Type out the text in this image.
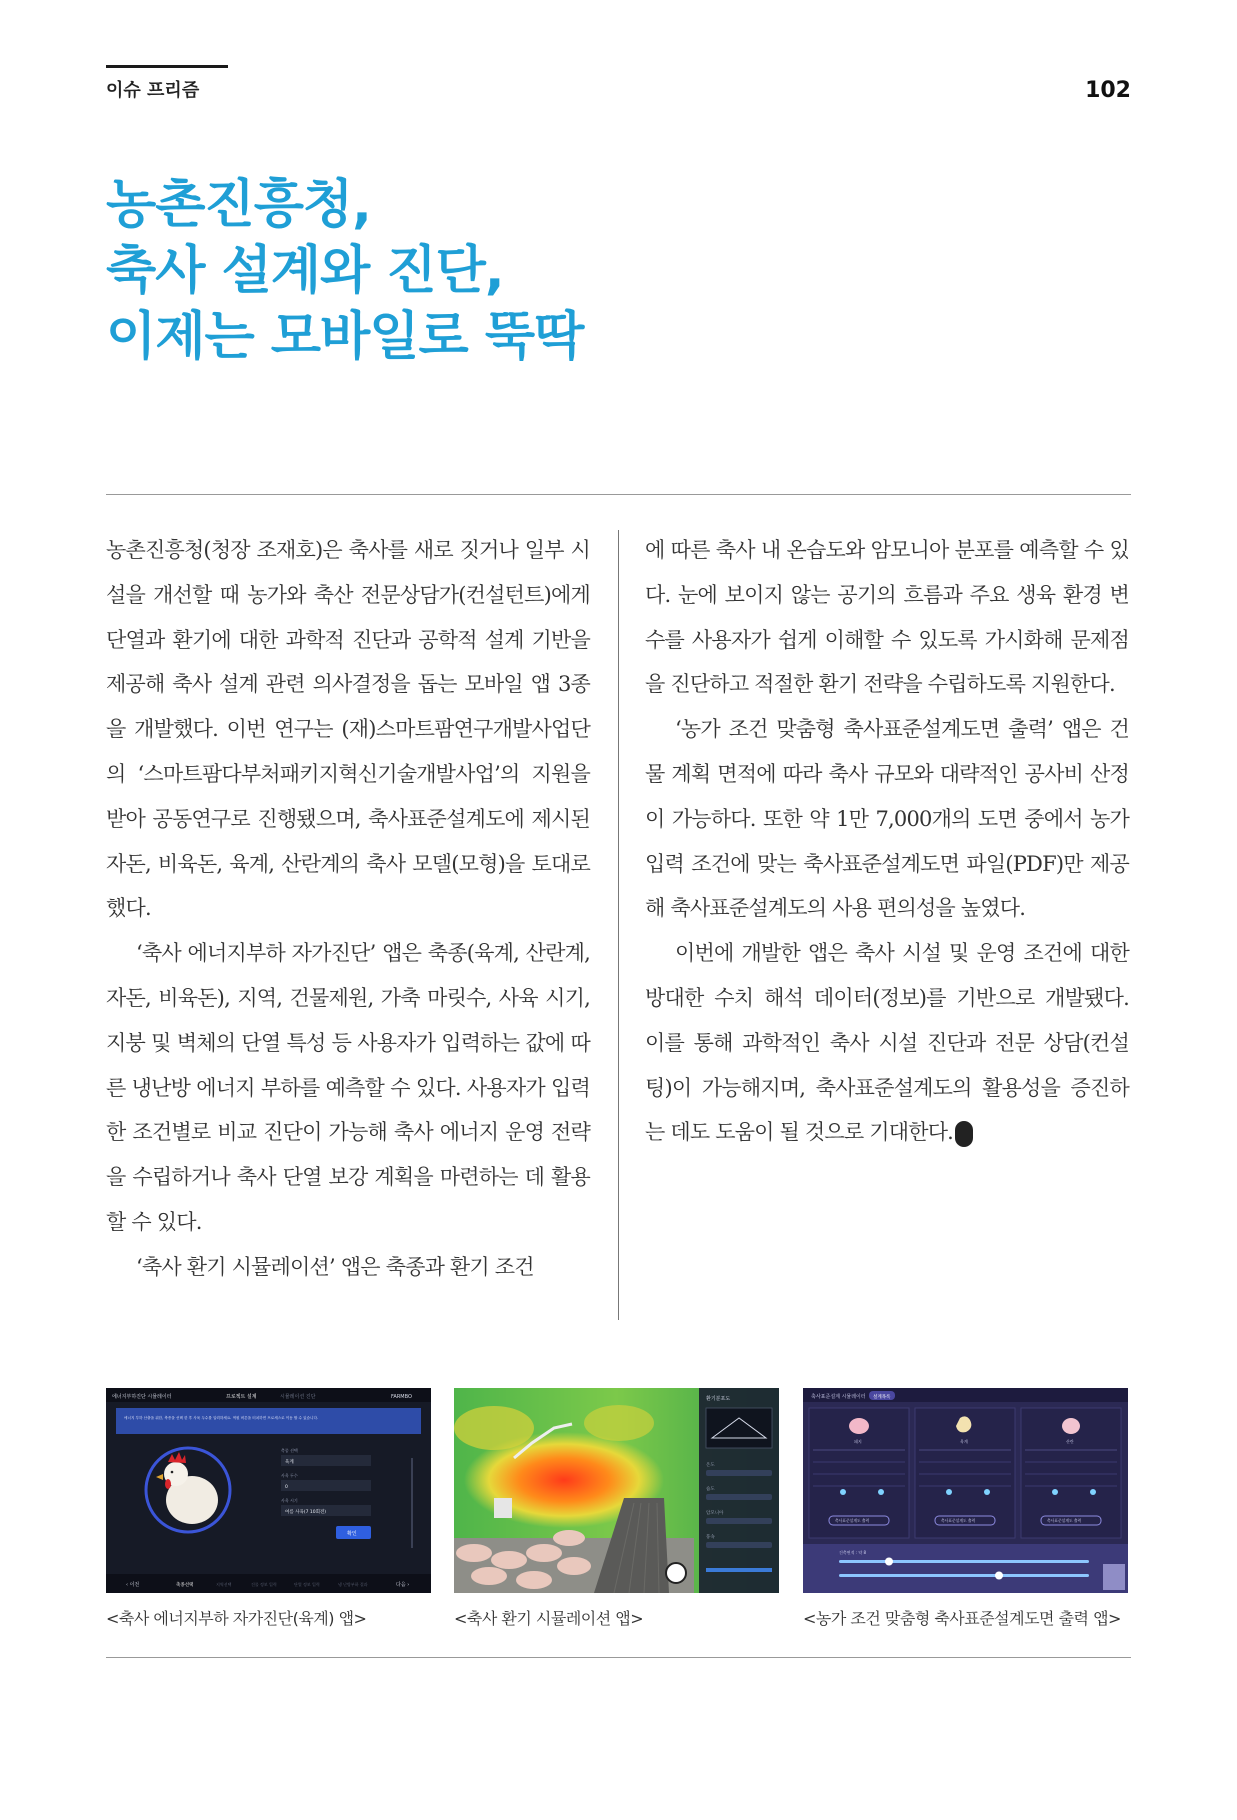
이슈 프리즘	102
농촌진흥청,
축사 설계와 진단,
이제는 모바일로 뚝딱

농촌진흥청(청장 조재호)은 축사를 새로 짓거나 일부 시설을 개선할 때 농가와 축산 전문상담가(컨설턴트)에게 단열과 환기에 대한 과학적 진단과 공학적 설계 기반을 제공해 축사 설계 관련 의사결정을 돕는 모바일 앱 3종을 개발했다. 이번 연구는 (재)스마트팜연구개발사업단의 ‘스마트팜다부처패키지혁신기술개발사업’의 지원을 받아 공동연구로 진행됐으며, 축사표준설계도에 제시된 자돈, 비육돈, 육계, 산란계의 축사 모델(모형)을 토대로 했다.

‘축사 에너지부하 자가진단’ 앱은 축종(육계, 산란계, 자돈, 비육돈), 지역, 건물제원, 가축 마릿수, 사육 시기, 지붕 및 벽체의 단열 특성 등 사용자가 입력하는 값에 따른 냉난방 에너지 부하를 예측할 수 있다. 사용자가 입력한 조건별로 비교 진단이 가능해 축사 에너지 운영 전략을 수립하거나 축사 단열 보강 계획을 마련하는 데 활용할 수 있다.

‘축사 환기 시뮬레이션’ 앱은 축종과 환기 조건

에 따른 축사 내 온습도와 암모니아 분포를 예측할 수 있다. 눈에 보이지 않는 공기의 흐름과 주요 생육 환경 변수를 사용자가 쉽게 이해할 수 있도록 가시화해 문제점을 진단하고 적절한 환기 전략을 수립하도록 지원한다.

‘농가 조건 맞춤형 축사표준설계도면 출력’ 앱은 건물 계획 면적에 따라 축사 규모와 대략적인 공사비 산정이 가능하다. 또한 약 1만 7,000개의 도면 중에서 농가 입력 조건에 맞는 축사표준설계도면 파일(PDF)만 제공해 축사표준설계도의 사용 편의성을 높였다.

이번에 개발한 앱은 축사 시설 및 운영 조건에 대한 방대한 수치 해석 데이터(정보)를 기반으로 개발됐다. 이를 통해 과학적인 축사 시설 진단과 전문 상담(컨설팅)이 가능해지며, 축사표준설계도의 활용성을 증진하는 데도 도움이 될 것으로 기대한다.	끝

에너지부하진단 시뮬레이터	프로젝트 설계	시뮬레이션 진단	FARMBO
에너지 부하 산출을 위한, 축종을 선택 한 후 사육 두수를 입력하세요. 역원 버튼을 터치하면 프로세스로 이동 할 수 있습니다.
축종 선택
육계
사육 두수
0
사육 시기
여름 사육(7 10회전)
확인
‹ 이전	축종선택	지역선택	건물 정보 입력	단열 정보 입력	냉 난방부하 결과	다음 ›
환기분포도
온도
습도
암모니아
풍속
축사표준설계 시뮬레이터 설계목록
돼지
축사표준설계도 출력
육계
축사표준설계도 출력
산란
축사표준설계도 출력
건축면적 : 약 8
<축사 에너지부하 자가진단(육계) 앱>	<축사 환기 시뮬레이션 앱>	<농가 조건 맞춤형 축사표준설계도면 출력 앱>
